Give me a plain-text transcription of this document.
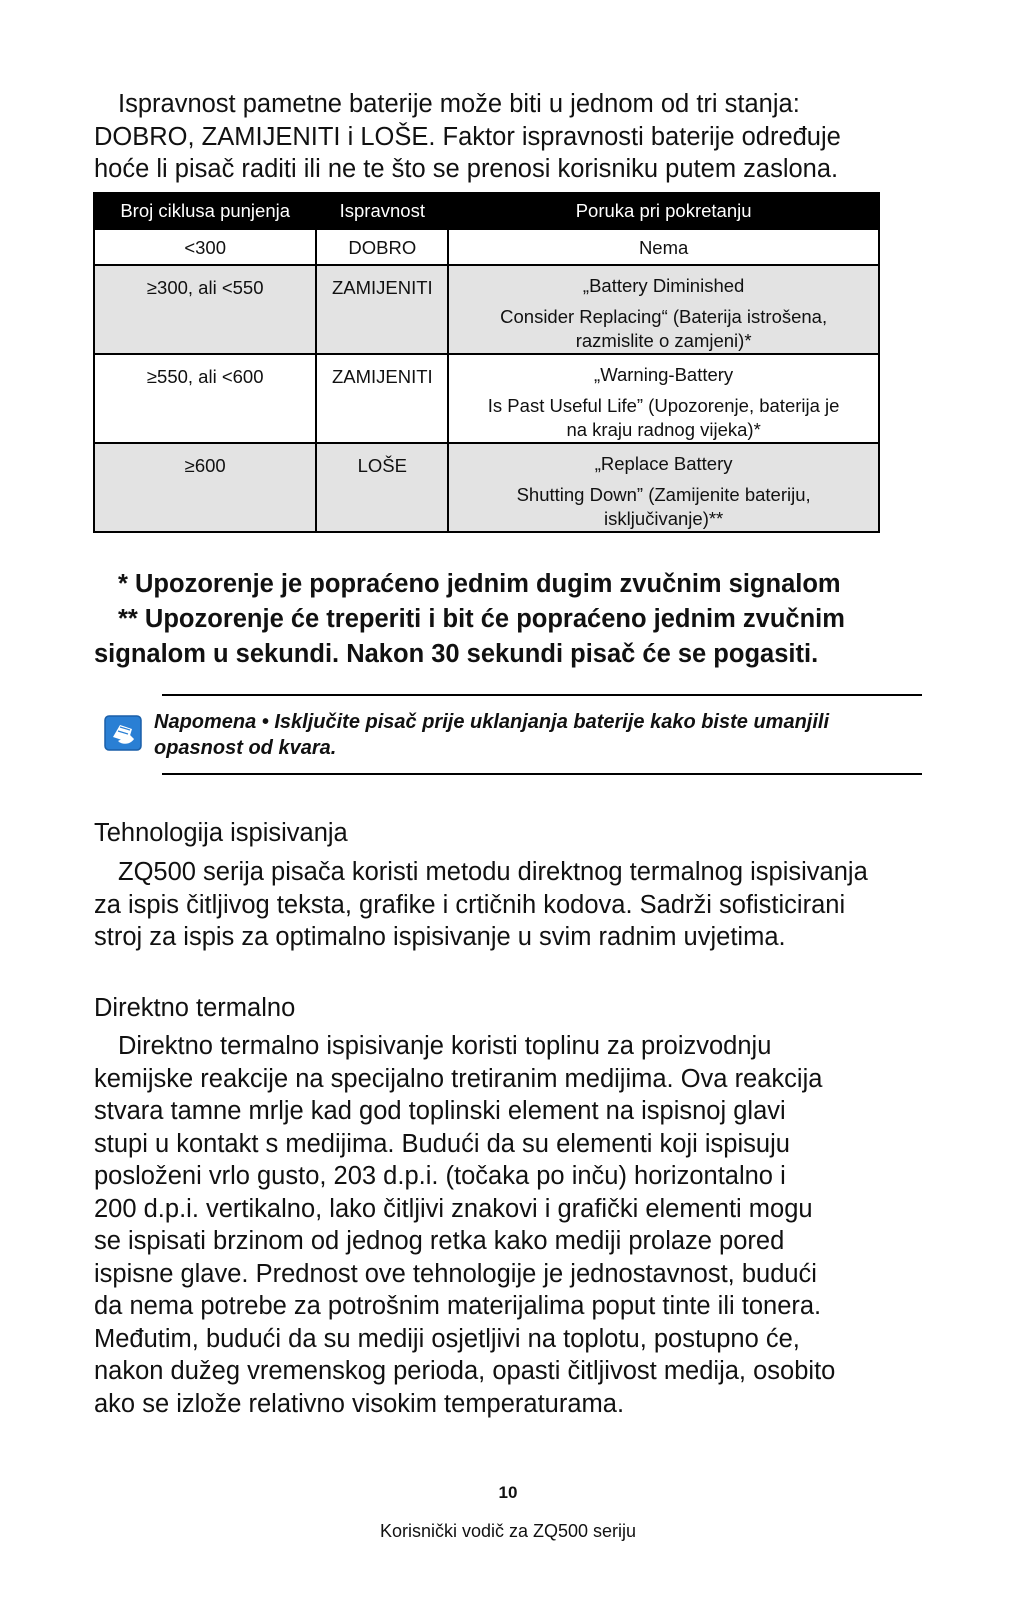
Ispravnost pametne baterije može biti u jednom od tri stanja:
DOBRO, ZAMIJENITI i LOŠE. Faktor ispravnosti baterije određuje
hoće li pisač raditi ili ne te što se prenosi korisniku putem zaslona.
Broj ciklusa punjenja	Ispravnost	Poruka pri pokretanju

<300	DOBRO	Nema

≥300, ali <550	ZAMIJENITI	„Battery Diminished
Consider Replacing“ (Baterija istrošena,
razmislite o zamjeni)*

≥550, ali <600	ZAMIJENITI	„Warning-Battery
Is Past Useful Life” (Upozorenje, baterija je
na kraju radnog vijeka)*

≥600	LOŠE	„Replace Battery
Shutting Down” (Zamijenite bateriju,
isključivanje)**
* Upozorenje je popraćeno jednim dugim zvučnim signalom
** Upozorenje će treperiti i bit će popraćeno jednim zvučnim
signalom u sekundi. Nakon 30 sekundi pisač će se pogasiti.
Napomena • Isključite pisač prije uklanjanja baterije kako biste umanjili
opasnost od kvara.
Tehnologija ispisivanja
ZQ500 serija pisača koristi metodu direktnog termalnog ispisivanja
za ispis čitljivog teksta, grafike i crtičnih kodova. Sadrži sofisticirani
stroj za ispis za optimalno ispisivanje u svim radnim uvjetima.
Direktno termalno
Direktno termalno ispisivanje koristi toplinu za proizvodnju
kemijske reakcije na specijalno tretiranim medijima. Ova reakcija
stvara tamne mrlje kad god toplinski element na ispisnoj glavi
stupi u kontakt s medijima. Budući da su elementi koji ispisuju
posloženi vrlo gusto, 203 d.p.i. (točaka po inču) horizontalno i
200 d.p.i. vertikalno, lako čitljivi znakovi i grafički elementi mogu
se ispisati brzinom od jednog retka kako mediji prolaze pored
ispisne glave. Prednost ove tehnologije je jednostavnost, budući
da nema potrebe za potrošnim materijalima poput tinte ili tonera.
Međutim, budući da su mediji osjetljivi na toplotu, postupno će,
nakon dužeg vremenskog perioda, opasti čitljivost medija, osobito
ako se izlože relativno visokim temperaturama.
10
Korisnički vodič za ZQ500 seriju
